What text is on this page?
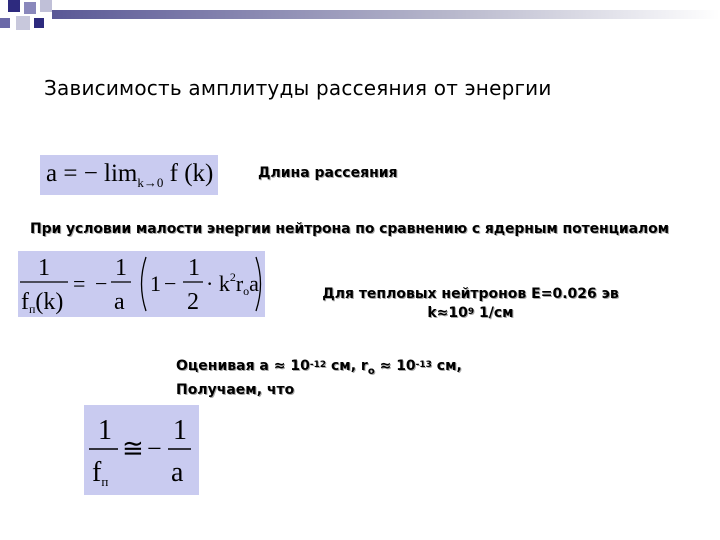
Зависимость амплитуды рассеяния от энергии
a = − $\lim_{k\to 0} f$ (k)	Длина рассеяния
При условии малости энергии нейтрона по сравнению с ядерным потенциалом
1
fп(k)
= −
1
a
1 −
1
2
· $k^2roa$	Для тепловых нейтронов E=0.026 эв
$k\approx 10^9$ 1/см
Оценивая $a \approx 10^{-12}$ см, $r_o \approx 10^{-13}$ см,
Получаем, что
1
fп
≅ −
1
a
